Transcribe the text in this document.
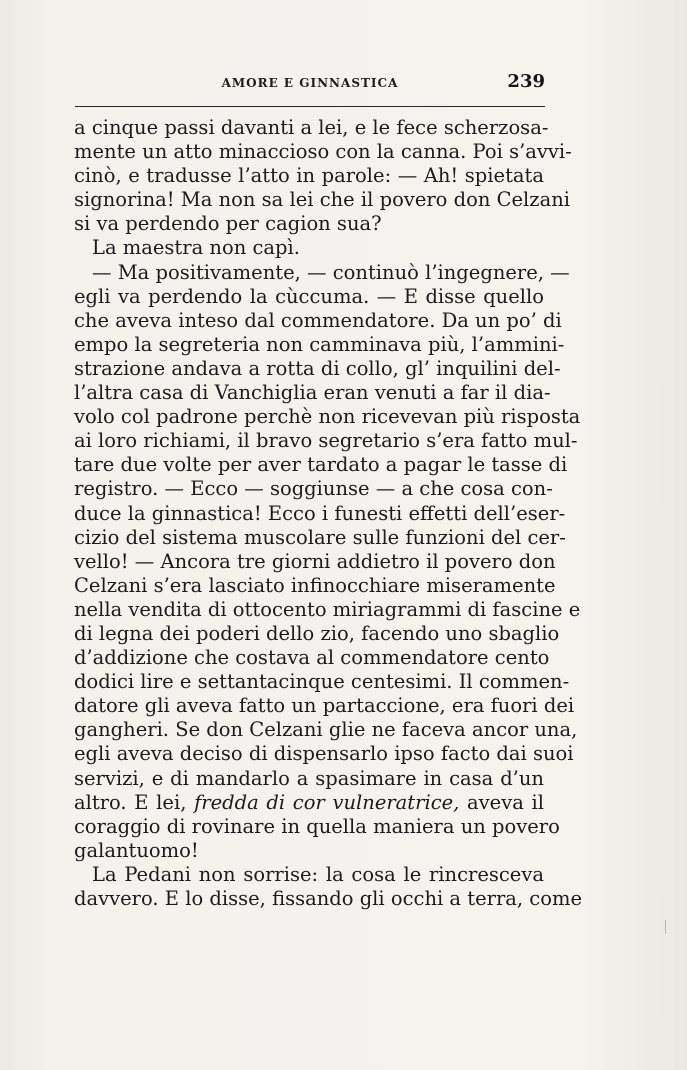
AMORE E GINNASTICA	239
a cinque passi davanti a lei, e le fece scherzosa-
mente un atto minaccioso con la canna. Poi s’avvi-
cinò, e tradusse l’atto in parole: — Ah! spietata
signorina! Ma non sa lei che il povero don Celzani
si va perdendo per cagion sua?
La maestra non capì.
— Ma positivamente, — continuò l’ingegnere, —
egli va perdendo la cùccuma. — E disse quello
che aveva inteso dal commendatore. Da un po’ di
empo la segreteria non camminava più, l’ammini-
strazione andava a rotta di collo, gl’ inquilini del-
l’altra casa di Vanchiglia eran venuti a far il dia-
volo col padrone perchè non ricevevan più risposta
ai loro richiami, il bravo segretario s’era fatto mul-
tare due volte per aver tardato a pagar le tasse di
registro. — Ecco — soggiunse — a che cosa con-
duce la ginnastica! Ecco i funesti effetti dell’eser-
cizio del sistema muscolare sulle funzioni del cer-
vello! — Ancora tre giorni addietro il povero don
Celzani s’era lasciato infinocchiare miseramente
nella vendita di ottocento miriagrammi di fascine e
di legna dei poderi dello zio, facendo uno sbaglio
d’addizione che costava al commendatore cento
dodici lire e settantacinque centesimi. Il commen-
datore gli aveva fatto un partaccione, era fuori dei
gangheri. Se don Celzani glie ne faceva ancor una,
egli aveva deciso di dispensarlo ipso facto dai suoi
servizi, e di mandarlo a spasimare in casa d’un
altro. E lei, fredda di cor vulneratrice, aveva il
coraggio di rovinare in quella maniera un povero
galantuomo!
La Pedani non sorrise: la cosa le rincresceva
davvero. E lo disse, fissando gli occhi a terra, come
